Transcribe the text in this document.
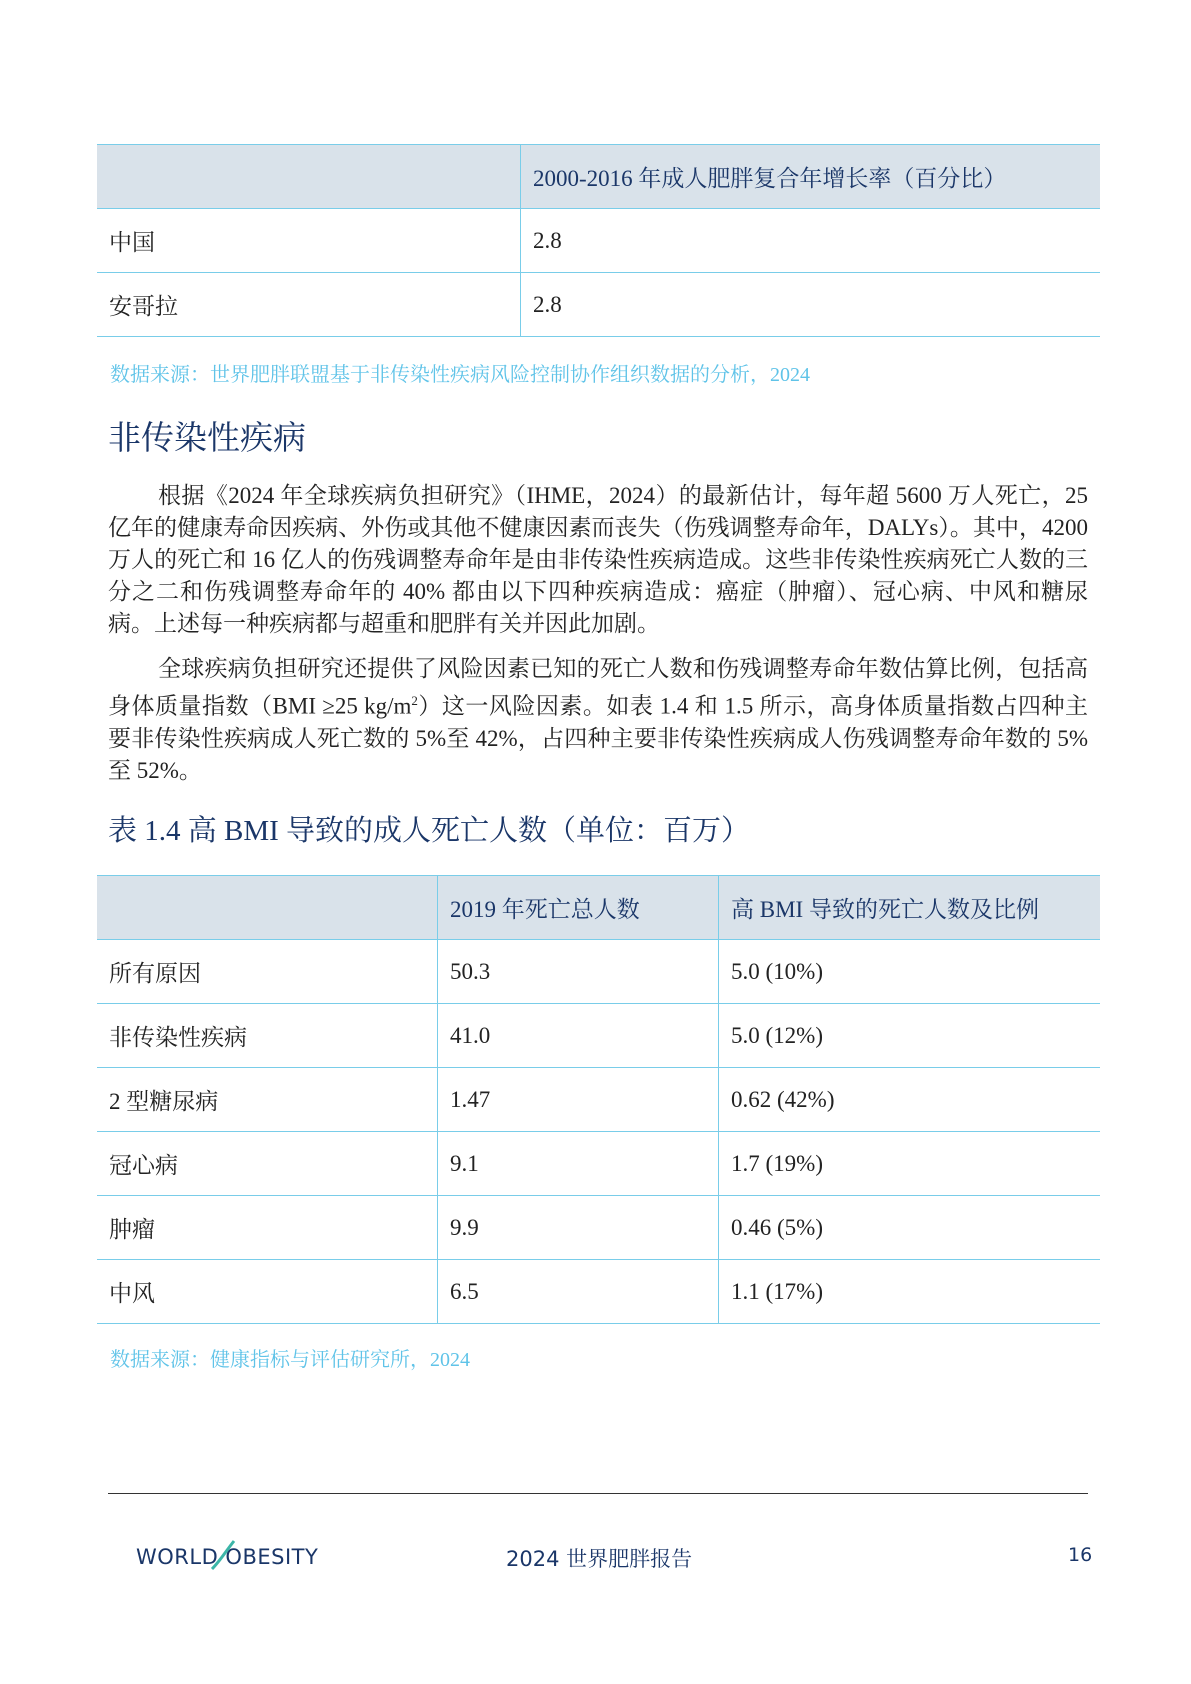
	2000-2016 年成人肥胖复合年增长率（百分比）
中国	2.8
安哥拉	2.8
数据来源：世界肥胖联盟基于非传染性疾病风险控制协作组织数据的分析，2024
非传染性疾病

根据《2024 年全球疾病负担研究》（IHME，2024）的最新估计，每年超 5600 万人死亡，25 亿年的健康寿命因疾病、外伤或其他不健康因素而丧失（伤残调整寿命年，DALYs）。其中，4200 万人的死亡和 16 亿人的伤残调整寿命年是由非传染性疾病造成。这些非传染性疾病死亡人数的三分之二和伤残调整寿命年的 40% 都由以下四种疾病造成：癌症（肿瘤）、冠心病、中风和糖尿病。上述每一种疾病都与超重和肥胖有关并因此加剧。

全球疾病负担研究还提供了风险因素已知的死亡人数和伤残调整寿命年数估算比例，包括高身体质量指数（BMI ≥25 $kg/m^2$）这一风险因素。如表 1.4 和 1.5 所示，高身体质量指数占四种主要非传染性疾病成人死亡数的 5%至 42%，占四种主要非传染性疾病成人伤残调整寿命年数的 5%至 52%。

表 1.4 高 BMI 导致的成人死亡人数（单位：百万）
	2019 年死亡总人数	高 BMI 导致的死亡人数及比例
所有原因	50.3	5.0 (10%)
非传染性疾病	41.0	5.0 (12%)
2 型糖尿病	1.47	0.62 (42%)
冠心病	9.1	1.7 (19%)
肿瘤	9.9	0.46 (5%)
中风	6.5	1.1 (17%)
数据来源：健康指标与评估研究所，2024
WORLD OBESITY	2024 世界肥胖报告	16
